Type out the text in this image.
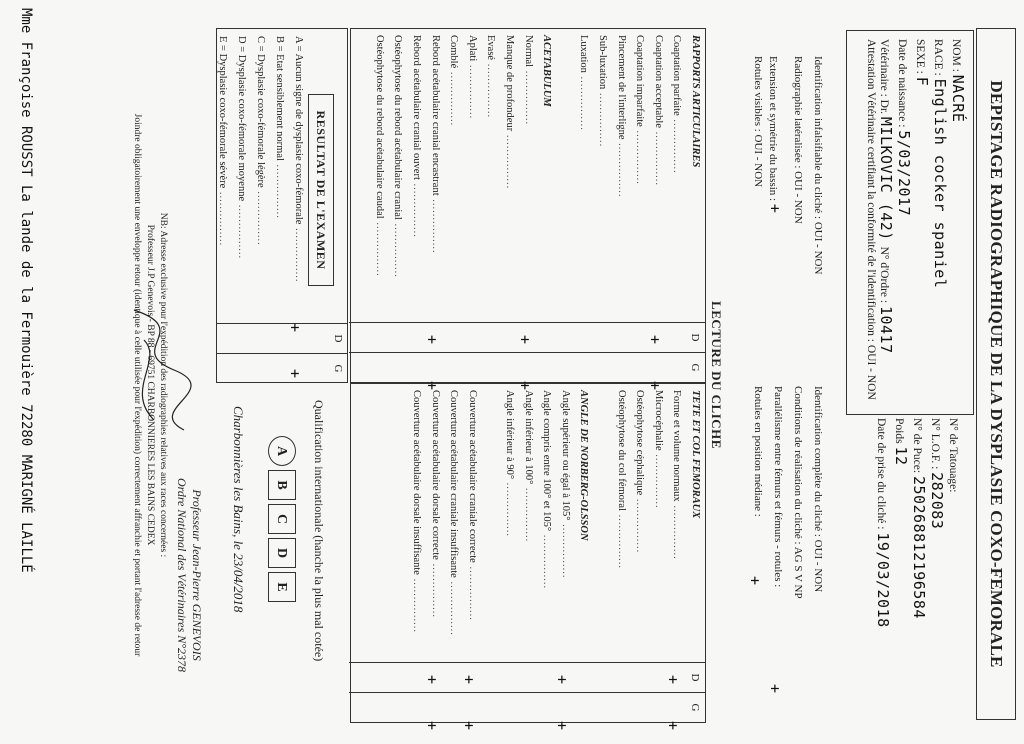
DEPISTAGE RADIOGRAPHIQUE DE LA DYSPLASIE COXO-FEMORALE
NOM : NACRÉ
RACE : English cocker spaniel
SEXE : F
Date de naissance : 5/03/2017
Vétérinaire : Dr. MILKOVIC (42)  N° d'Ordre : 10417
Attestation Vétérinaire certifiant la conformité de l'identification : OUI - NON
N° de Tatouage:
N° L.O.F. : 282083
N° de Puce: 250268812196584
Poids 12
Date de prise du cliché : 19/03/2018
Identification infalsifiable du cliché : OUI - NON
Identification complète du cliché : OUI - NON
Radiographie latéralisée : OUI - NON
Conditions de réalisation du cliché : AG S V NP
Extension et symétrie du bassin : +
Parallélisme entre fémurs et fémurs - rotules :
+
Rotules visibles : OUI - NON
Rotules en position médiane :
+
LECTURE DU CLICHE
D
G
RAPPORTS ARTICULAIRES
Coaptation parfaite ...............
Coaptation acceptable ...............
+ +
Coaptation imparfaite ...............
Pincement de l'interligne ...............
Sub-luxation ...............
Luxation ...............
ACETABULUM
Normal ...............
+ +
Manque de profondeur ...............
Evasé ...............
Aplati ...............
Comblé ...............
Rebord acétabulaire cranial encastrant ...............
+ +
Rebord acétabulaire cranial ouvert ...............
Ostéophytose du rebord acétabulaire cranial ...............
Ostéophytose du rebord acétabulaire caudal ...............
D
G
TETE ET COL FEMORAUX
Forme et volume normaux ...............
+ +
Microcéphalie ...............
Ostéophytose céphalique ...............
Ostéophytose du col fémoral ...............
ANGLE DE NORBERG-OLSSON
Angle supérieur ou égal à 105° ...............
+ +
Angle compris entre 100° et 105° ...............
Angle inférieur à 100° ...............
Angle inférieur à 90° ...............
Couverture acétabulaire craniale correcte ...............
+ +
Couverture acétabulaire craniale insuffisante ...............
Couverture acétabulaire dorsale correcte ...............
+ +
Couverture acétabulaire dorsale insuffisante ...............
D
G
RESULTAT DE L'EXAMEN
A = Aucun signe de dysplasie coxo-fémorale ...............
+ +
B = Etat sensiblement normal ...............
C = Dysplasie coxo-fémorale légère ...............
D = Dysplasie coxo-fémorale moyenne ...............
E = Dysplasie coxo-fémorale sévère ...............
Qualification internationale (hanche la plus mal cotée)
A
B
C
D
E
Charbonnières les Bains, le 23/04/2018
Professeur Jean-Pierre GENEVOIS
Ordre National des Vétérinaires N°2378
NB: Adresse exclusive pour l'expédition des radiographies relatives aux races concernées :
Professeur J.P Genevois - BP 88 - 69751 CHARBONNIERES LES BAINS CEDEX
Joindre obligatoirement une enveloppe retour (identique à celle utilisée pour l'expédition) correctement affranchie et portant l'adresse de retour
Mme Françoise ROUSST La lande de la Fermouière 72280 MARIGNÉ LAILLÉ
